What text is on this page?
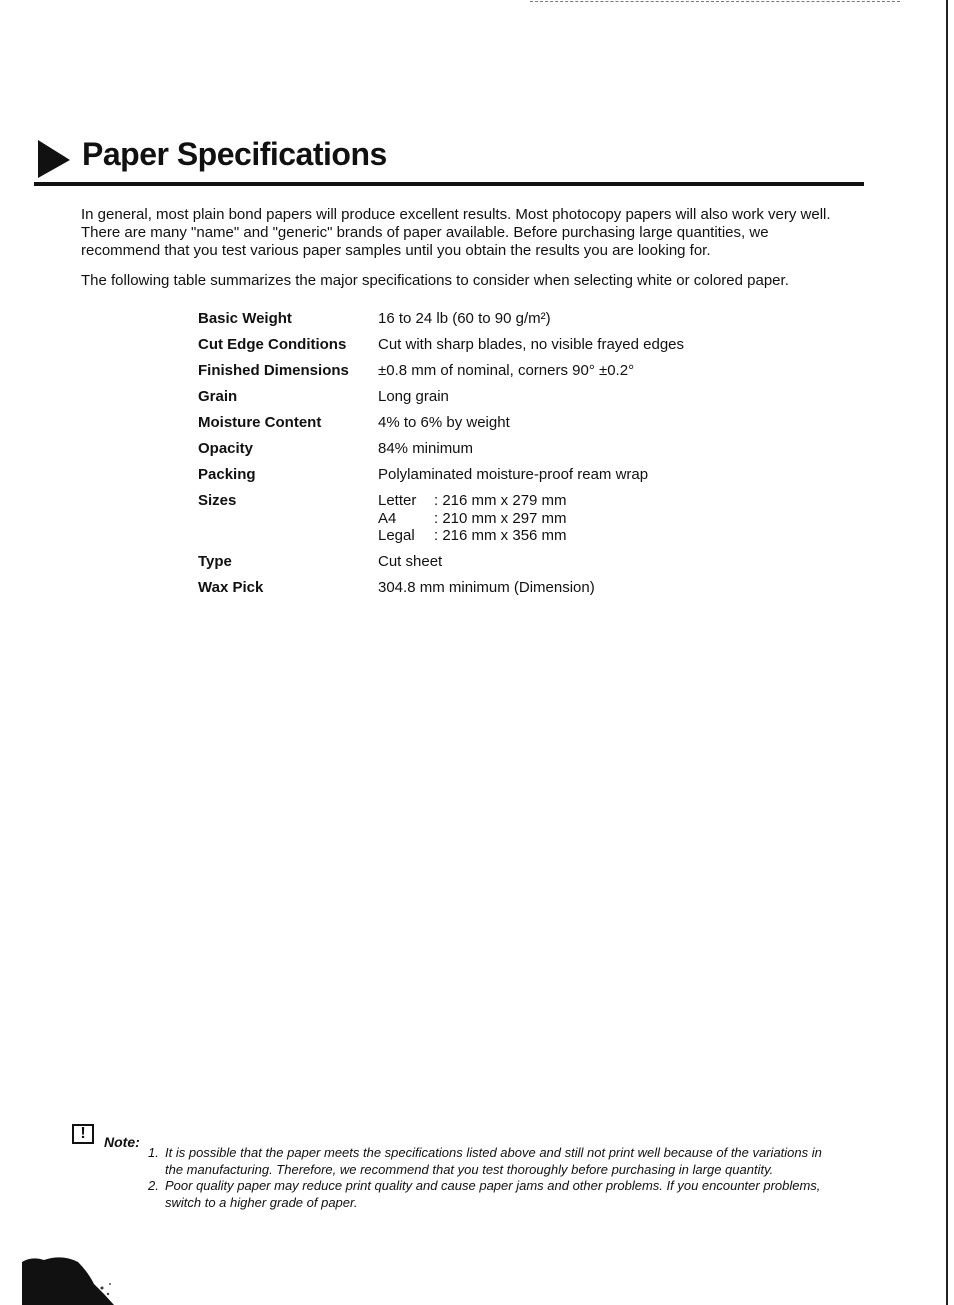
Paper Specifications

In general, most plain bond papers will produce excellent results. Most photocopy papers will also work very well. There are many "name" and "generic" brands of paper available. Before purchasing large quantities, we recommend that you test various paper samples until you obtain the results you are looking for.

The following table summarizes the major specifications to consider when selecting white or colored paper.

Basic Weight	16 to 24 lb (60 to 90 g/m²)
Cut Edge Conditions	Cut with sharp blades, no visible frayed edges
Finished Dimensions	±0.8 mm of nominal, corners 90° ±0.2°
Grain	Long grain
Moisture Content	4% to 6% by weight
Opacity	84% minimum
Packing	Polylaminated moisture-proof ream wrap
Sizes	Letter	: 216 mm x 279 mm
A4	: 210 mm x 297 mm
Legal	: 216 mm x 356 mm
Type	Cut sheet
Wax Pick	304.8 mm minimum (Dimension)
!	Note:
1. It is possible that the paper meets the specifications listed above and still not print well because of the variations in the manufacturing. Therefore, we recommend that you test thoroughly before purchasing in large quantity.
2. Poor quality paper may reduce print quality and cause paper jams and other problems. If you encounter problems, switch to a higher grade of paper.
